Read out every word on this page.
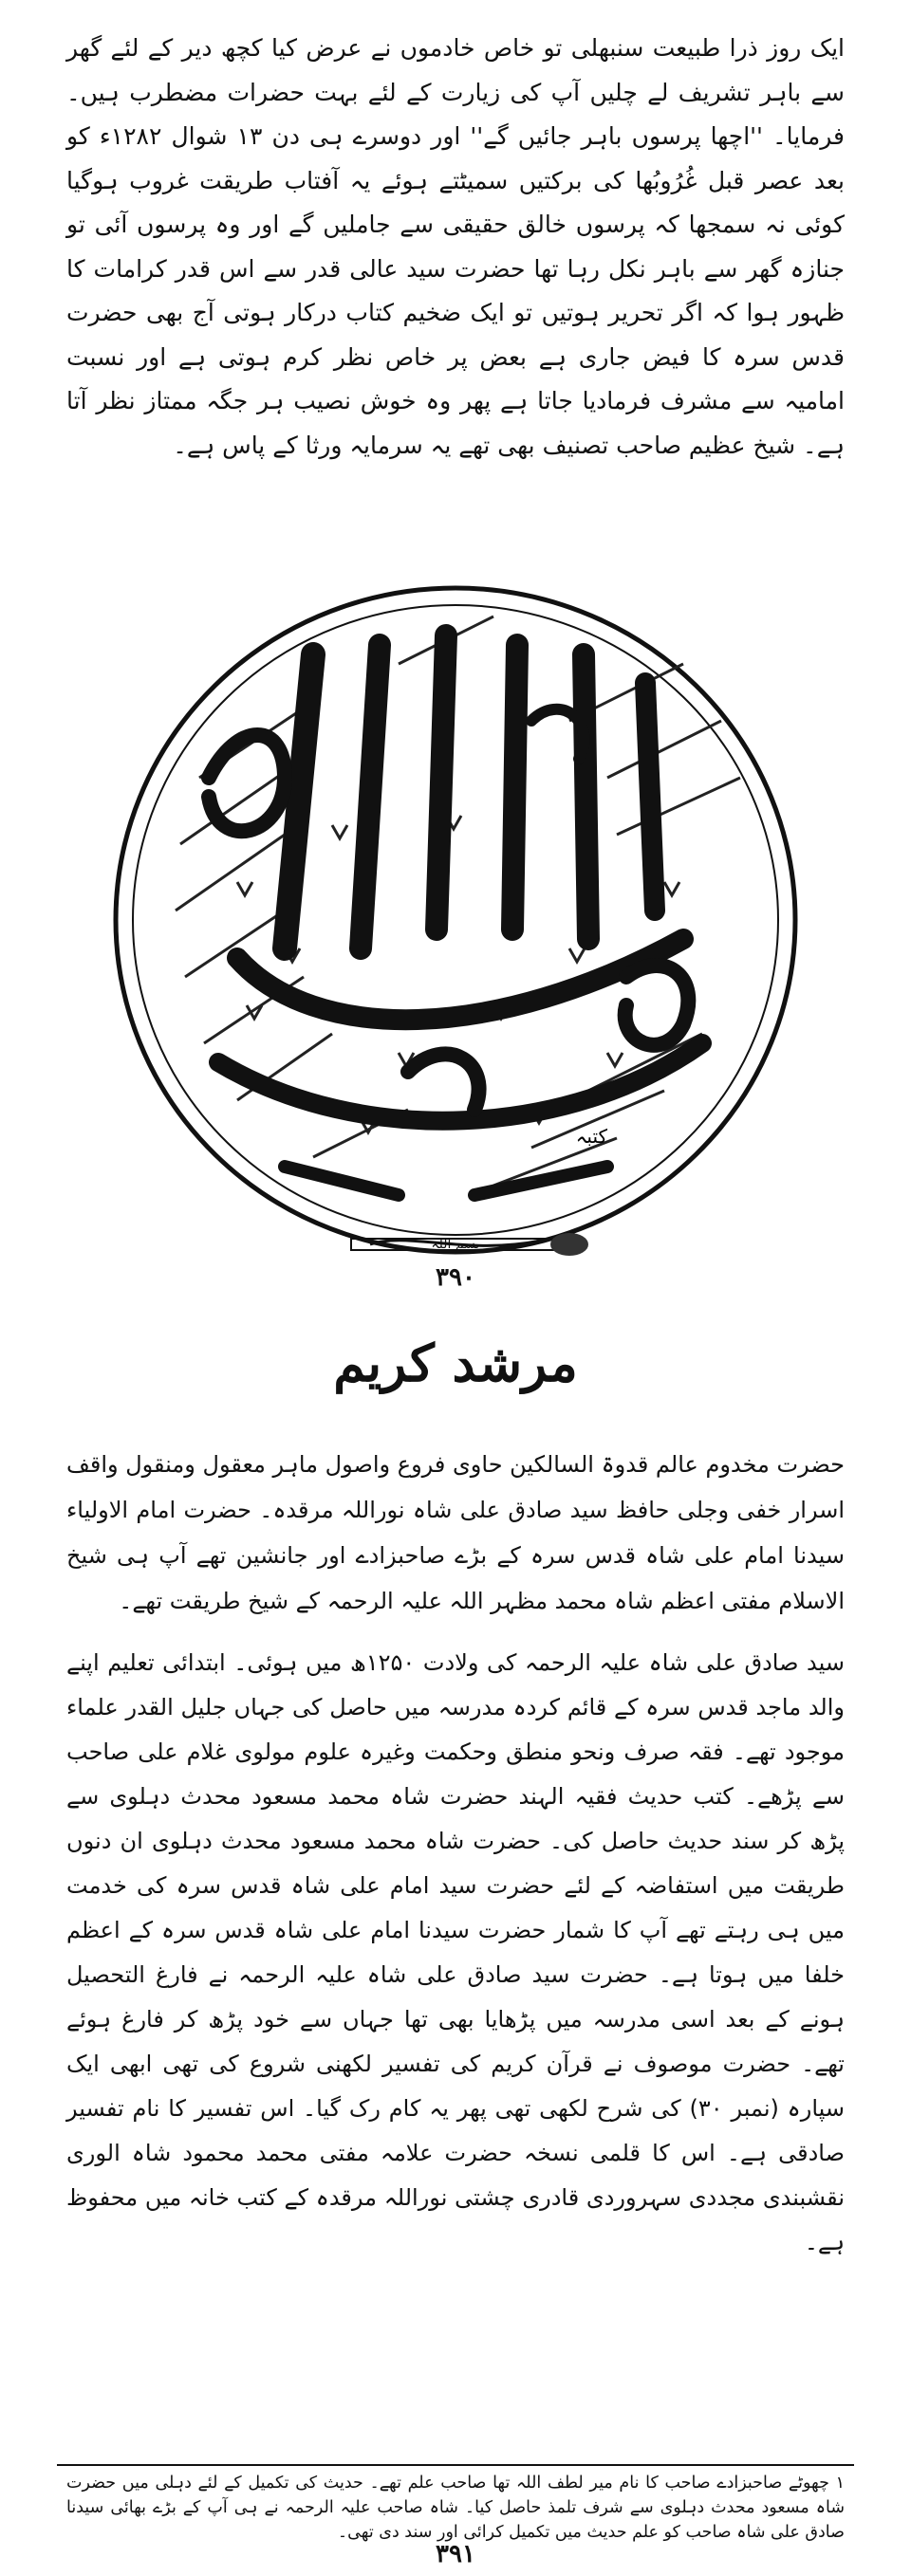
ایک روز ذرا طبیعت سنبھلی تو خاص خادموں نے عرض کیا کچھ دیر کے لئے گھر سے باہر تشریف لے چلیں آپ کی زیارت کے لئے بہت حضرات مضطرب ہیں۔ فرمایا۔ ''اچھا پرسوں باہر جائیں گے'' اور دوسرے ہی دن ۱۳ شوال ۱۲۸۲ء کو بعد عصر قبل غُرُوبُھا کی برکتیں سمیٹتے ہوئے یہ آفتاب طریقت غروب ہوگیا کوئی نہ سمجھا کہ پرسوں خالق حقیقی سے جاملیں گے اور وہ پرسوں آئی تو جنازہ گھر سے باہر نکل رہا تھا حضرت سید عالی قدر سے اس قدر کرامات کا ظہور ہوا کہ اگر تحریر ہوتیں تو ایک ضخیم کتاب درکار ہوتی آج بھی حضرت قدس سرہ کا فیض جاری ہے بعض پر خاص نظر کرم ہوتی ہے اور نسبت امامیہ سے مشرف فرمادیا جاتا ہے پھر وہ خوش نصیب ہر جگہ ممتاز نظر آتا ہے۔ شیخ عظیم صاحب تصنیف بھی تھے یہ سرمایہ ورثا کے پاس ہے۔
کتبہ
بسم اللہ
۳۹۰
مرشد کریم
حضرت مخدوم عالم قدوۃ السالکین حاوی فروع واصول ماہر معقول ومنقول واقف اسرار خفی وجلی حافظ سید صادق علی شاہ نوراللہ مرقدہ۔ حضرت امام الاولیاء سیدنا امام علی شاہ قدس سرہ کے بڑے صاحبزادے اور جانشین تھے آپ ہی شیخ الاسلام مفتی اعظم شاہ محمد مظہر اللہ علیہ الرحمہ کے شیخ طریقت تھے۔
سید صادق علی شاہ علیہ الرحمہ کی ولادت ۱۲۵۰ھ میں ہوئی۔ ابتدائی تعلیم اپنے والد ماجد قدس سرہ کے قائم کردہ مدرسہ میں حاصل کی جہاں جلیل القدر علماء موجود تھے۔ فقہ صرف ونحو منطق وحکمت وغیرہ علوم مولوی غلام علی صاحب سے پڑھے۔ کتب حدیث فقیہ الہند حضرت شاہ محمد مسعود محدث دہلوی سے پڑھ کر سند حدیث حاصل کی۔ حضرت شاہ محمد مسعود محدث دہلوی ان دنوں طریقت میں استفاضہ کے لئے حضرت سید امام علی شاہ قدس سرہ کی خدمت میں ہی رہتے تھے آپ کا شمار حضرت سیدنا امام علی شاہ قدس سرہ کے اعظم خلفا میں ہوتا ہے۔ حضرت سید صادق علی شاہ علیہ الرحمہ نے فارغ التحصیل ہونے کے بعد اسی مدرسہ میں پڑھایا بھی تھا جہاں سے خود پڑھ کر فارغ ہوئے تھے۔ حضرت موصوف نے قرآن کریم کی تفسیر لکھنی شروع کی تھی ابھی ایک سپارہ (نمبر ۳۰) کی شرح لکھی تھی پھر یہ کام رک گیا۔ اس تفسیر کا نام تفسیر صادقی ہے۔ اس کا قلمی نسخہ حضرت علامہ مفتی محمد محمود شاہ الوری نقشبندی مجددی سہروردی قادری چشتی نوراللہ مرقدہ کے کتب خانہ میں محفوظ ہے۔
۱ چھوٹے صاحبزادے صاحب کا نام میر لطف اللہ تھا صاحب علم تھے۔ حدیث کی تکمیل کے لئے دہلی میں حضرت شاہ مسعود محدث دہلوی سے شرف تلمذ حاصل کیا۔ شاہ صاحب علیہ الرحمہ نے ہی آپ کے بڑے بھائی سیدنا صادق علی شاہ صاحب کو علم حدیث میں تکمیل کرائی اور سند دی تھی۔
۳۹۱
